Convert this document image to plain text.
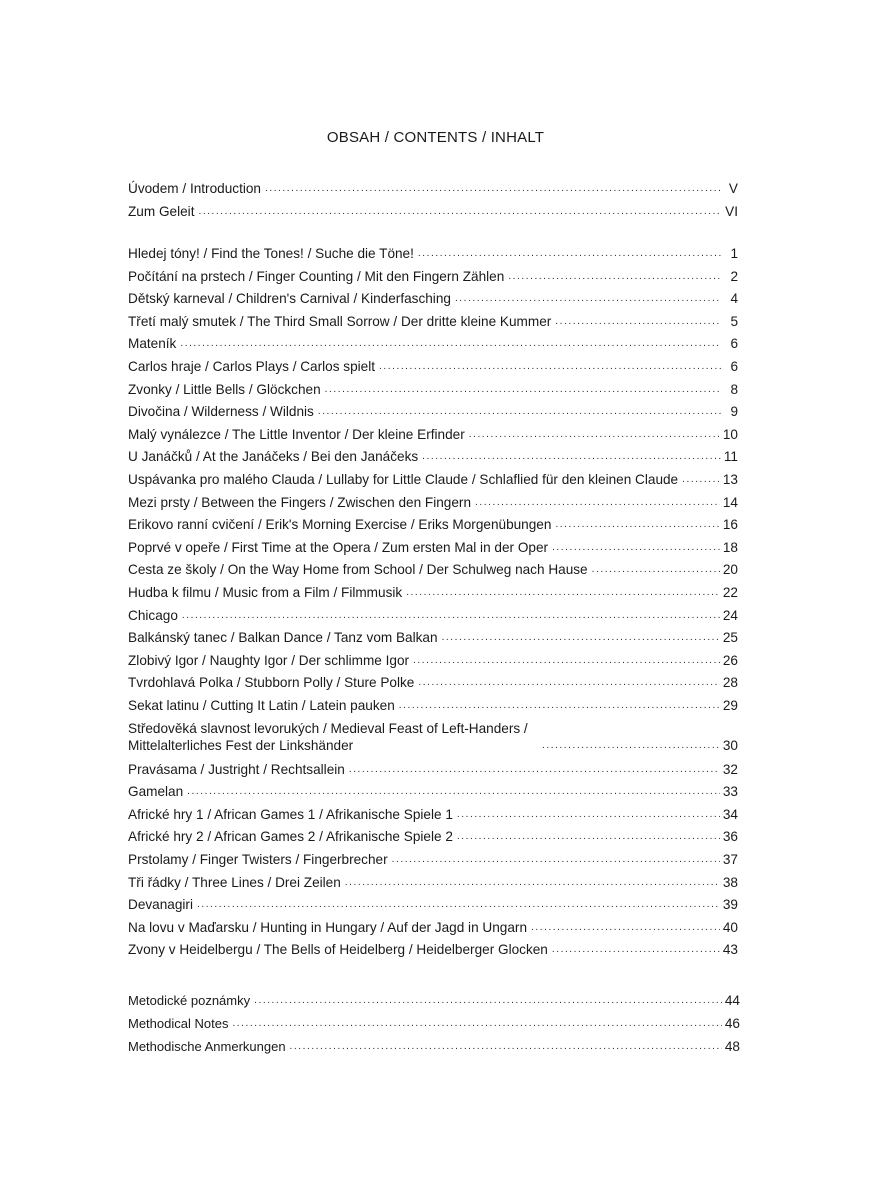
OBSAH / CONTENTS / INHALT
Úvodem / Introduction . . .	V
Zum Geleit . . .	VI
Hledej tóny! / Find the Tones! / Suche die Töne! . . .	1
Počítání na prstech / Finger Counting / Mit den Fingern Zählen . . .	2
Dětský karneval / Children's Carnival / Kinderfasching . . .	4
Třetí malý smutek / The Third Small Sorrow / Der dritte kleine Kummer . . .	5
Mateník . . .	6
Carlos hraje / Carlos Plays / Carlos spielt . . .	6
Zvonky / Little Bells / Glöckchen . . .	8
Divočina / Wilderness / Wildnis . . .	9
Malý vynálezce / The Little Inventor / Der kleine Erfinder . . .	10
U Janáčků / At the Janáčeks / Bei den Janáčeks . . .	11
Uspávanka pro malého Clauda / Lullaby for Little Claude / Schlaflied für den kleinen Claude . . .	13
Mezi prsty / Between the Fingers / Zwischen den Fingern . . .	14
Erikovo ranní cvičení / Erik's Morning Exercise / Eriks Morgenübungen . . .	16
Poprvé v opeře / First Time at the Opera / Zum ersten Mal in der Oper . . .	18
Cesta ze školy / On the Way Home from School / Der Schulweg nach Hause . . .	20
Hudba k filmu / Music from a Film / Filmmusik . . .	22
Chicago . . .	24
Balkánský tanec / Balkan Dance / Tanz vom Balkan . . .	25
Zlobivý Igor / Naughty Igor / Der schlimme Igor . . .	26
Tvrdohlavá Polka / Stubborn Polly / Sture Polke . . .	28
Sekat latinu / Cutting It Latin / Latein pauken . . .	29
Středověká slavnost levorukých / Medieval Feast of Left-Handers / Mittelalterliches Fest der Linkshänder . . .	30
Pravásama / Justright / Rechtsallein . . .	32
Gamelan . . .	33
Africké hry 1 / African Games 1 / Afrikanische Spiele 1 . . .	34
Africké hry 2 / African Games 2 / Afrikanische Spiele 2 . . .	36
Prstolamy / Finger Twisters / Fingerbrecher . . .	37
Tři řádky / Three Lines / Drei Zeilen . . .	38
Devanagiri . . .	39
Na lovu v Maďarsku / Hunting in Hungary / Auf der Jagd in Ungarn . . .	40
Zvony v Heidelbergu / The Bells of Heidelberg / Heidelberger Glocken . . .	43
Metodické poznámky . . .	44
Methodical Notes . . .	46
Methodische Anmerkungen . . .	48
